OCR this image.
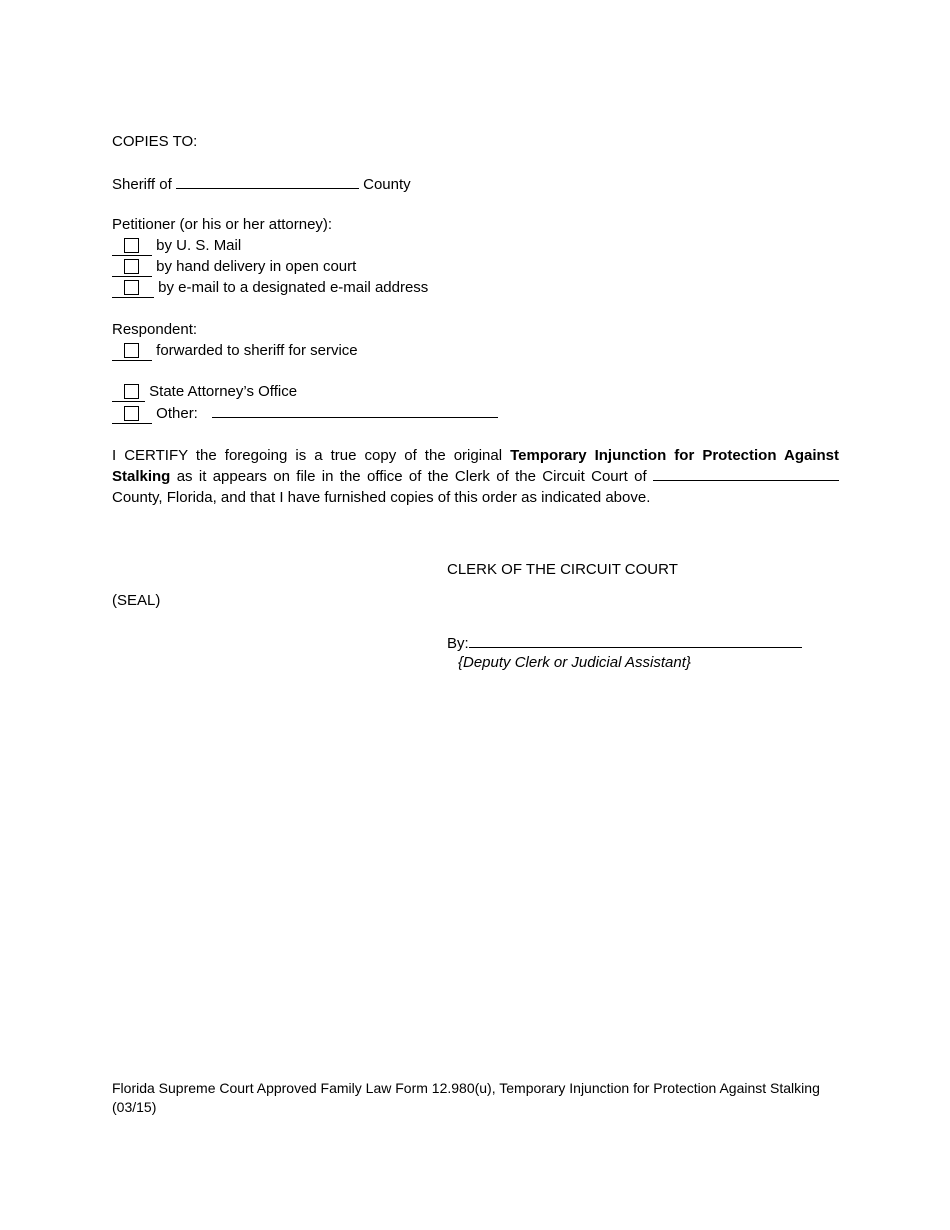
COPIES TO:
Sheriff of	County
Petitioner (or his or her attorney):
by U. S. Mail
by hand delivery in open court
by e-mail to a designated e-mail address
Respondent:
forwarded to sheriff for service
State Attorney’s Office
Other:
I CERTIFY the foregoing is a true copy of the original Temporary Injunction for Protection Against Stalking as it appears on file in the office of the Clerk of the Circuit Court of  County, Florida, and that I have furnished copies of this order as indicated above.
CLERK OF THE CIRCUIT COURT
(SEAL)
By:
{Deputy Clerk or Judicial Assistant}
Florida Supreme Court Approved Family Law Form 12.980(u), Temporary Injunction for Protection Against Stalking
(03/15)
